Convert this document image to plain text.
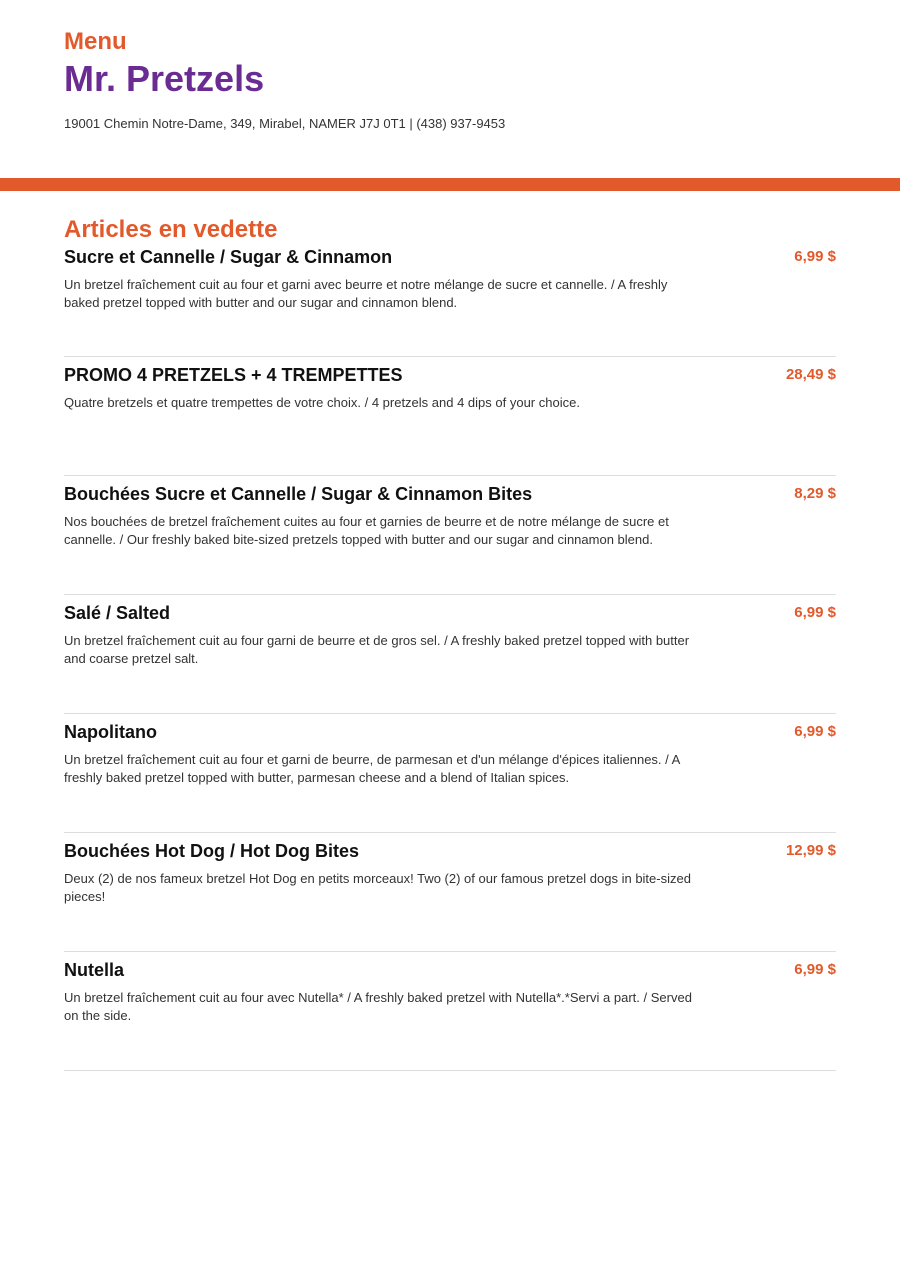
Menu
Mr. Pretzels
19001 Chemin Notre-Dame, 349, Mirabel, NAMER J7J 0T1 | (438) 937-9453
Articles en vedette
Sucre et Cannelle / Sugar & Cinnamon	6,99 $
Un bretzel fraîchement cuit au four et garni avec beurre et notre mélange de sucre et cannelle. / A freshly baked pretzel topped with butter and our sugar and cinnamon blend.
PROMO 4 PRETZELS + 4 TREMPETTES	28,49 $
Quatre bretzels et quatre trempettes de votre choix. / 4 pretzels and 4 dips of your choice.
Bouchées Sucre et Cannelle / Sugar & Cinnamon Bites	8,29 $
Nos bouchées de bretzel fraîchement cuites au four et garnies de beurre et de notre mélange de sucre et cannelle. / Our freshly baked bite-sized pretzels topped with butter and our sugar and cinnamon blend.
Salé / Salted	6,99 $
Un bretzel fraîchement cuit au four garni de beurre et de gros sel. / A freshly baked pretzel topped with butter and coarse pretzel salt.
Napolitano	6,99 $
Un bretzel fraîchement cuit au four et garni de beurre, de parmesan et d'un mélange d'épices italiennes. / A freshly baked pretzel topped with butter, parmesan cheese and a blend of Italian spices.
Bouchées Hot Dog / Hot Dog Bites	12,99 $
Deux (2) de nos fameux bretzel Hot Dog en petits morceaux! Two (2) of our famous pretzel dogs in bite-sized pieces!
Nutella	6,99 $
Un bretzel fraîchement cuit au four avec Nutella* / A freshly baked pretzel with Nutella*.*Servi a part. / Served on the side.
